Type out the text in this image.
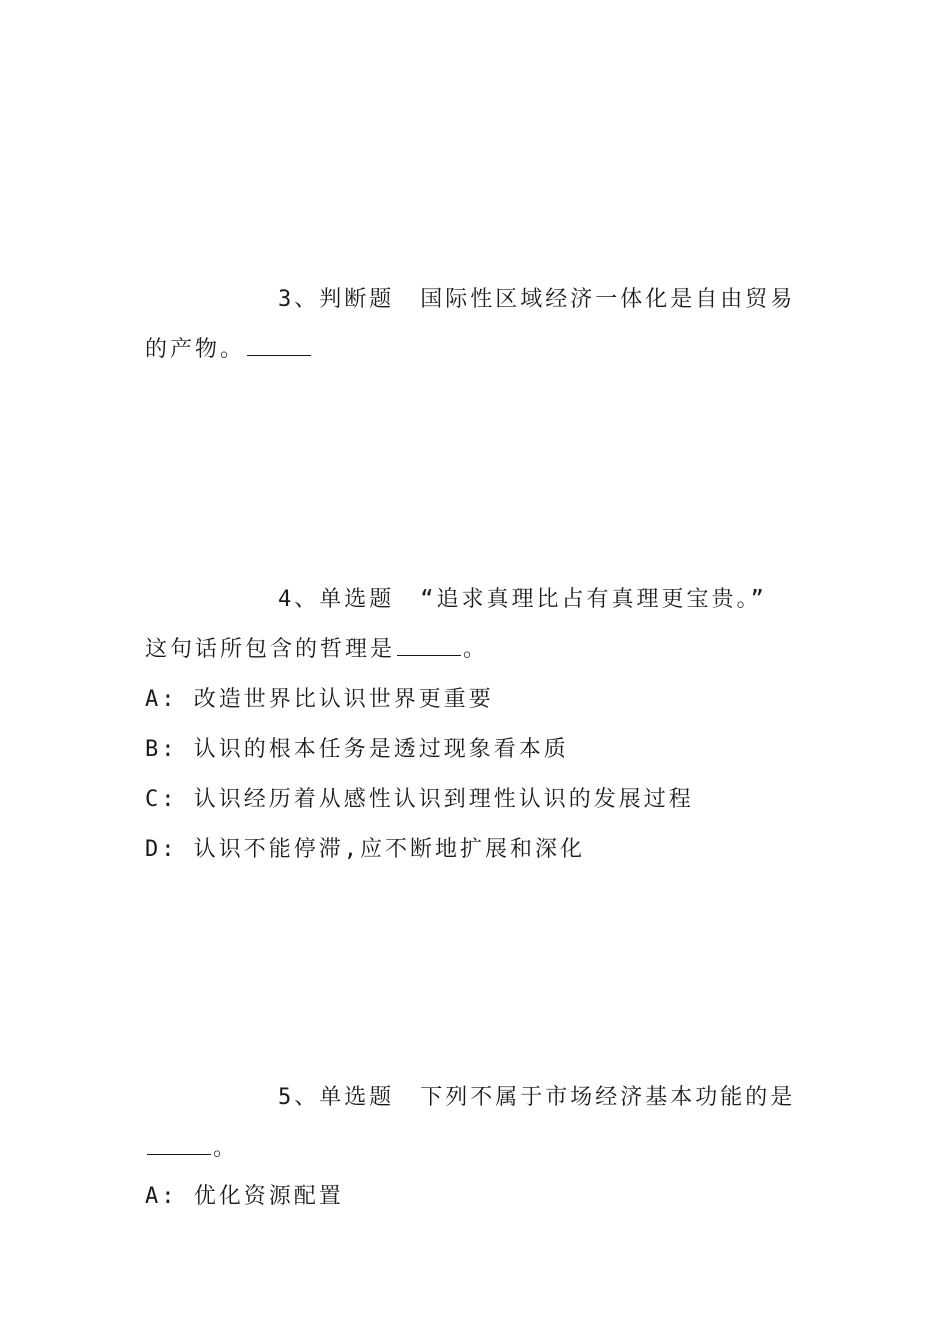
3、判断题 国际性区域经济一体化是自由贸易
的产物。
4、单选题 “追求真理比占有真理更宝贵。”
这句话所包含的哲理是	。
A: 改造世界比认识世界更重要
B: 认识的根本任务是透过现象看本质
C: 认识经历着从感性认识到理性认识的发展过程
D: 认识不能停滞,应不断地扩展和深化
5、单选题 下列不属于市场经济基本功能的是
。
A: 优化资源配置
